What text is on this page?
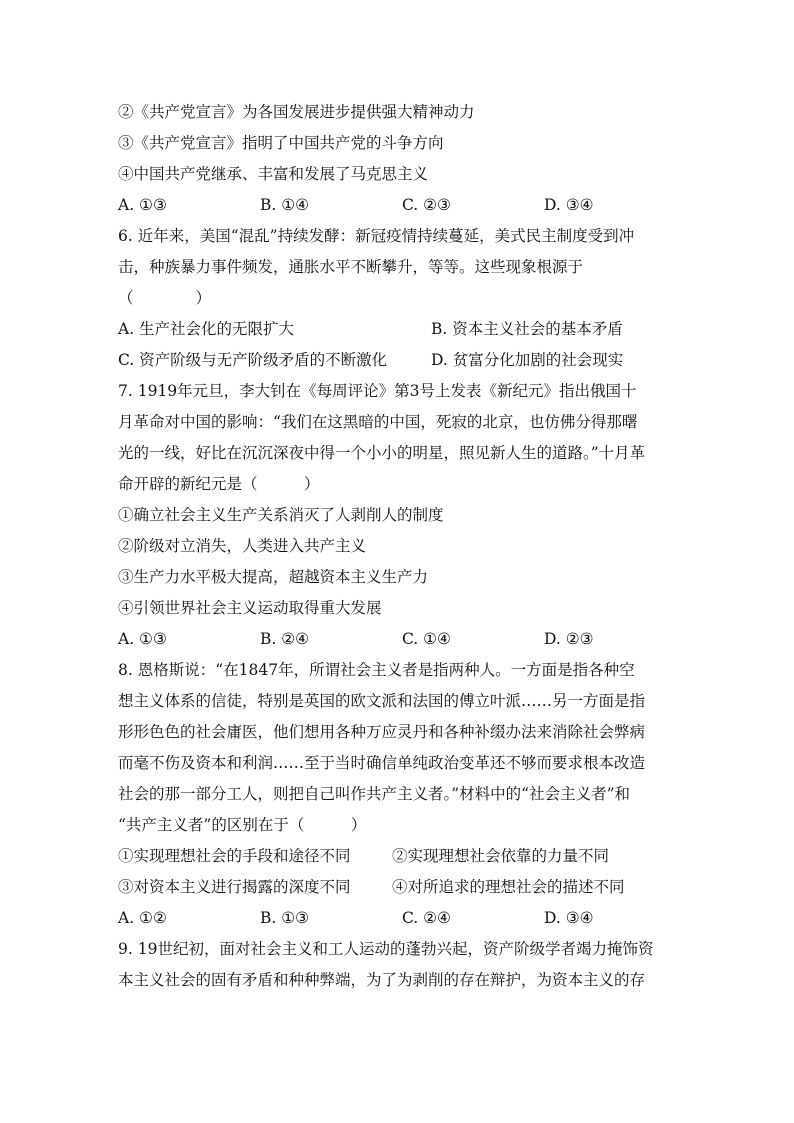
②《共产党宣言》为各国发展进步提供强大精神动力
③《共产党宣言》指明了中国共产党的斗争方向
④中国共产党继承、丰富和发展了马克思主义
A. ①③	B. ①④	C. ②③	D. ③④
6. 近年来，美国“混乱”持续发酵：新冠疫情持续蔓延，美式民主制度受到冲
击，种族暴力事件频发，通胀水平不断攀升，等等。这些现象根源于
（　　　　）
A. 生产社会化的无限扩大	B. 资本主义社会的基本矛盾
C. 资产阶级与无产阶级矛盾的不断激化	D. 贫富分化加剧的社会现实
7. 1919年元旦，李大钊在《每周评论》第3号上发表《新纪元》指出俄国十
月革命对中国的影响：“我们在这黑暗的中国，死寂的北京，也仿佛分得那曙
光的一线，好比在沉沉深夜中得一个小小的明星，照见新人生的道路。”十月革
命开辟的新纪元是（　　　）
①确立社会主义生产关系消灭了人剥削人的制度
②阶级对立消失，人类进入共产主义
③生产力水平极大提高，超越资本主义生产力
④引领世界社会主义运动取得重大发展
A. ①③	B. ②④	C. ①④	D. ②③
8. 恩格斯说：“在1847年，所谓社会主义者是指两种人。一方面是指各种空
想主义体系的信徒，特别是英国的欧文派和法国的傅立叶派……另一方面是指
形形色色的社会庸医，他们想用各种万应灵丹和各种补缀办法来消除社会弊病
而毫不伤及资本和利润……至于当时确信单纯政治变革还不够而要求根本改造
社会的那一部分工人，则把自己叫作共产主义者。”材料中的“社会主义者”和
“共产主义者”的区别在于（　　　）
①实现理想社会的手段和途径不同	②实现理想社会依靠的力量不同
③对资本主义进行揭露的深度不同	④对所追求的理想社会的描述不同
A. ①②	B. ①③	C. ②④	D. ③④
9. 19世纪初，面对社会主义和工人运动的蓬勃兴起，资产阶级学者竭力掩饰资
本主义社会的固有矛盾和种种弊端，为了为剥削的存在辩护，为资本主义的存
